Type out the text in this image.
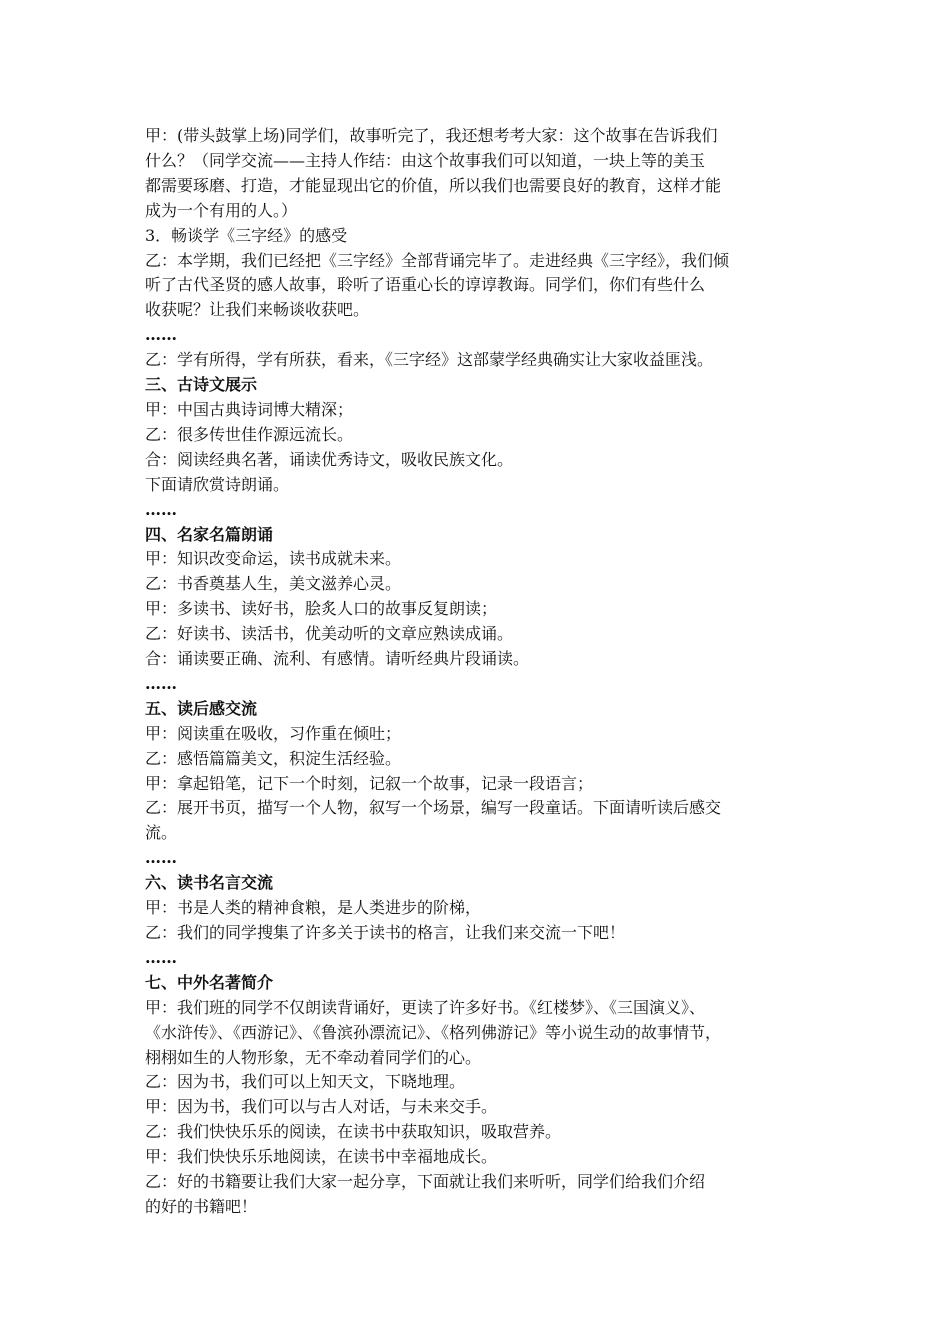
甲：(带头鼓掌上场)同学们，故事听完了，我还想考考大家：这个故事在告诉我们
什么？（同学交流——主持人作结：由这个故事我们可以知道，一块上等的美玉
都需要琢磨、打造，才能显现出它的价值，所以我们也需要良好的教育，这样才能
成为一个有用的人。）
3．畅谈学《三字经》的感受
乙：本学期，我们已经把《三字经》全部背诵完毕了。走进经典《三字经》，我们倾
听了古代圣贤的感人故事，聆听了语重心长的谆谆教诲。同学们，你们有些什么
收获呢？让我们来畅谈收获吧。
……
乙：学有所得，学有所获，看来，《三字经》这部蒙学经典确实让大家收益匪浅。
三、古诗文展示
甲：中国古典诗词博大精深；
乙：很多传世佳作源远流长。
合：阅读经典名著，诵读优秀诗文，吸收民族文化。
下面请欣赏诗朗诵。
……
四、名家名篇朗诵
甲：知识改变命运，读书成就未来。
乙：书香奠基人生，美文滋养心灵。
甲：多读书、读好书，脍炙人口的故事反复朗读；
乙：好读书、读活书，优美动听的文章应熟读成诵。
合：诵读要正确、流利、有感情。请听经典片段诵读。
……
五、读后感交流
甲：阅读重在吸收，习作重在倾吐；
乙：感悟篇篇美文，积淀生活经验。
甲：拿起铅笔，记下一个时刻，记叙一个故事，记录一段语言；
乙：展开书页，描写一个人物，叙写一个场景，编写一段童话。下面请听读后感交
流。
……
六、读书名言交流
甲：书是人类的精神食粮，是人类进步的阶梯，
乙：我们的同学搜集了许多关于读书的格言，让我们来交流一下吧！
……
七、中外名著简介
甲：我们班的同学不仅朗读背诵好，更读了许多好书。《红楼梦》、《三国演义》、
《水浒传》、《西游记》、《鲁滨孙漂流记》、《格列佛游记》等小说生动的故事情节，
栩栩如生的人物形象，无不牵动着同学们的心。
乙：因为书，我们可以上知天文，下晓地理。
甲：因为书，我们可以与古人对话，与未来交手。
乙：我们快快乐乐的阅读，在读书中获取知识，吸取营养。
甲：我们快快乐乐地阅读，在读书中幸福地成长。
乙：好的书籍要让我们大家一起分享，下面就让我们来听听，同学们给我们介绍
的好的书籍吧！
